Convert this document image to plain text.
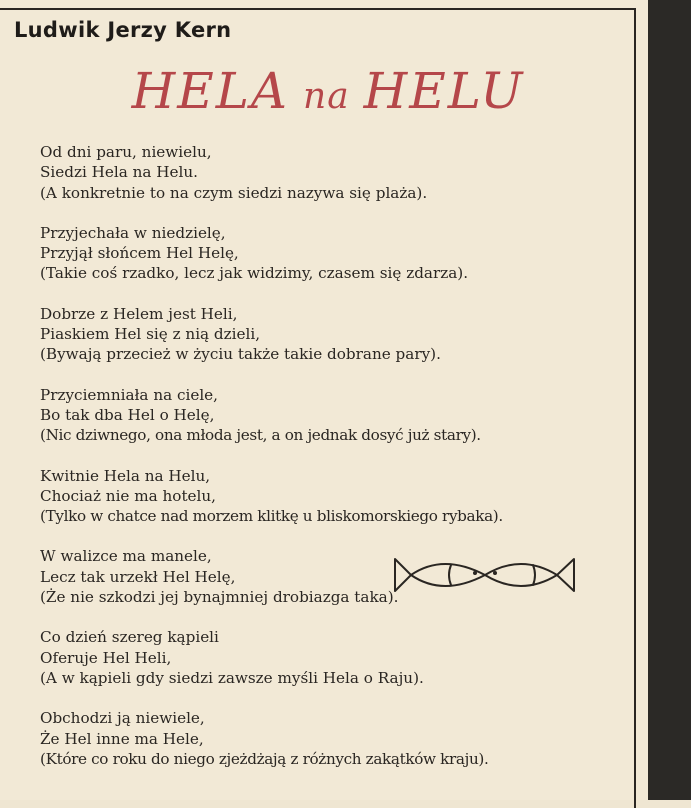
Ludwik Jerzy Kern
HELA na HELU
Od dni paru, niewielu,
Siedzi Hela na Helu.
(A konkretnie to na czym siedzi nazywa się plaża).
Przyjechała w niedzielę,
Przyjął słońcem Hel Helę,
(Takie coś rzadko, lecz jak widzimy, czasem się zdarza).
Dobrze z Helem jest Heli,
Piaskiem Hel się z nią dzieli,
(Bywają przecież w życiu także takie dobrane pary).
Przyciemniała na ciele,
Bo tak dba Hel o Helę,
(Nic dziwnego, ona młoda jest, a on jednak dosyć już stary).
Kwitnie Hela na Helu,
Chociaż nie ma hotelu,
(Tylko w chatce nad morzem klitkę u bliskomorskiego rybaka).
W walizce ma manele,
Lecz tak urzekł Hel Helę,
(Że nie szkodzi jej bynajmniej drobiazga taka).
Co dzień szereg kąpieli
Oferuje Hel Heli,
(A w kąpieli gdy siedzi zawsze myśli Hela o Raju).
Obchodzi ją niewiele,
Że Hel inne ma Hele,
(Które co roku do niego zjeżdżają z różnych zakątków kraju).
